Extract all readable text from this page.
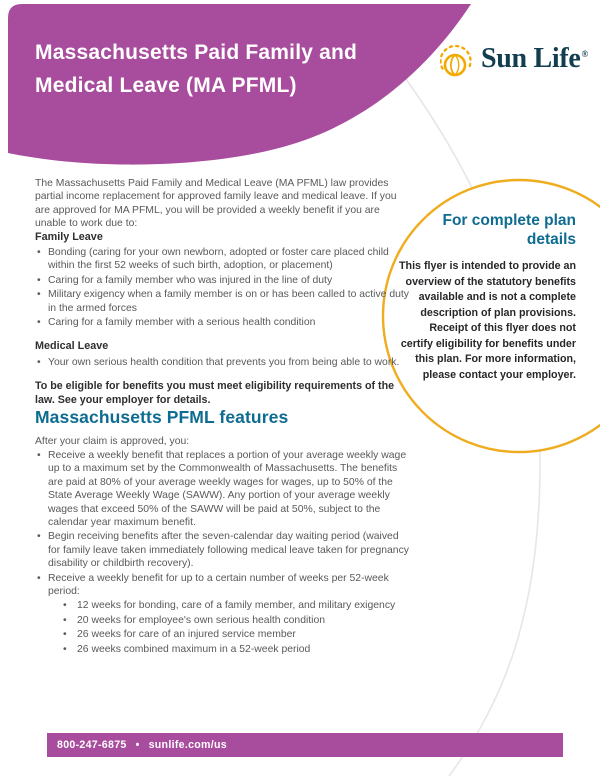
Massachusetts Paid Family and Medical Leave (MA PFML)
Sun Life®

The Massachusetts Paid Family and Medical Leave (MA PFML) law provides partial income replacement for approved family leave and medical leave. If you are approved for MA PFML, you will be provided a weekly benefit if you are unable to work due to:

Family Leave
• Bonding (caring for your own newborn, adopted or foster care placed child within the first 52 weeks of such birth, adoption, or placement)
• Caring for a family member who was injured in the line of duty
• Military exigency when a family member is on or has been called to active duty in the armed forces
• Caring for a family member with a serious health condition
Medical Leave
• Your own serious health condition that prevents you from being able to work.

To be eligible for benefits you must meet eligibility requirements of the law. See your employer for details.

Massachusetts PFML features

After your claim is approved, you:

• Receive a weekly benefit that replaces a portion of your average weekly wage up to a maximum set by the Commonwealth of Massachusetts. The benefits are paid at 80% of your average weekly wages for wages, up to 50% of the State Average Weekly Wage (SAWW). Any portion of your average weekly wages that exceed 50% of the SAWW will be paid at 50%, subject to the calendar year maximum benefit.
• Begin receiving benefits after the seven-calendar day waiting period (waived for family leave taken immediately following medical leave taken for pregnancy disability or childbirth recovery).
• Receive a weekly benefit for up to a certain number of weeks per 52-week period:
• 12 weeks for bonding, care of a family member, and military exigency
• 20 weeks for employee's own serious health condition
• 26 weeks for care of an injured service member
• 26 weeks combined maximum in a 52-week period
For complete plan details

This flyer is intended to provide an overview of the statutory benefits available and is not a complete description of plan provisions. Receipt of this flyer does not certify eligibility for benefits under this plan. For more information, please contact your employer.

800-247-6875 • sunlife.com/us
